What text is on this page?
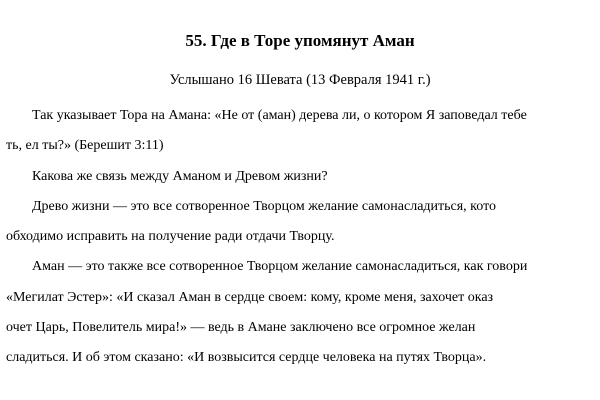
55. Где в Торе упомянут Аман
Услышано 16 Шевата (13 Февраля 1941 г.)

Так указывает Тора на Амана: «Не от (аман) дерева ли, о котором Я заповедал тебе

ть, ел ты?» (Берешит 3:11)

Какова же связь между Аманом и Древом жизни?

Древо жизни — это все сотворенное Творцом желание самонасладиться, кото

обходимо исправить на получение ради отдачи Творцу.

Аман — это также все сотворенное Творцом желание самонасладиться, как говори

«Мегилат Эстер»: «И сказал Аман в сердце своем: кому, кроме меня, захочет оказ

очет Царь, Повелитель мира!» — ведь в Амане заключено все огромное желан

сладиться. И об этом сказано: «И возвысится сердце человека на путях Творца».
